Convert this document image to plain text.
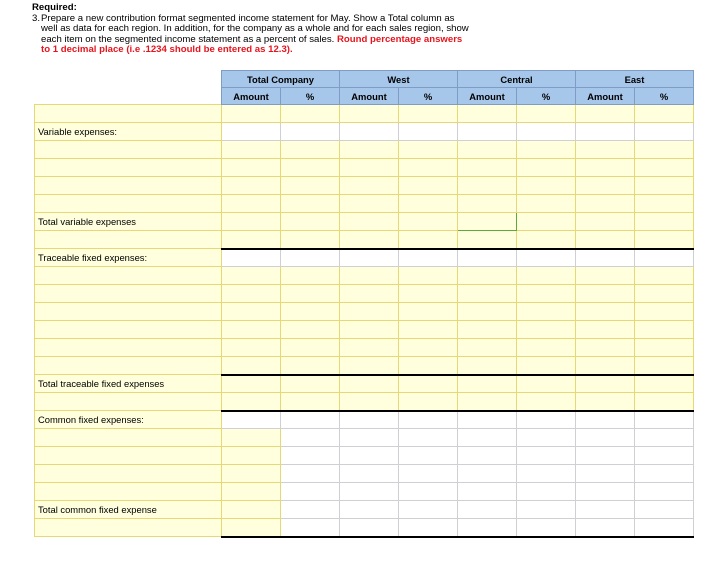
Required:
3.Prepare a new contribution format segmented income statement for May. Show a Total column as
well as data for each region. In addition, for the company as a whole and for each sales region, show
each item on the segmented income statement as a percent of sales. Round percentage answers
to 1 decimal place (i.e .1234 should be entered as 12.3).
	Total Company		West		Central		East	
	Amount	%	Amount	%	Amount	%	Amount	%

Variable expenses:								

Total variable expenses								

Traceable fixed expenses:								

Total traceable fixed expenses								

Common fixed expenses:								

Total common fixed expense								
